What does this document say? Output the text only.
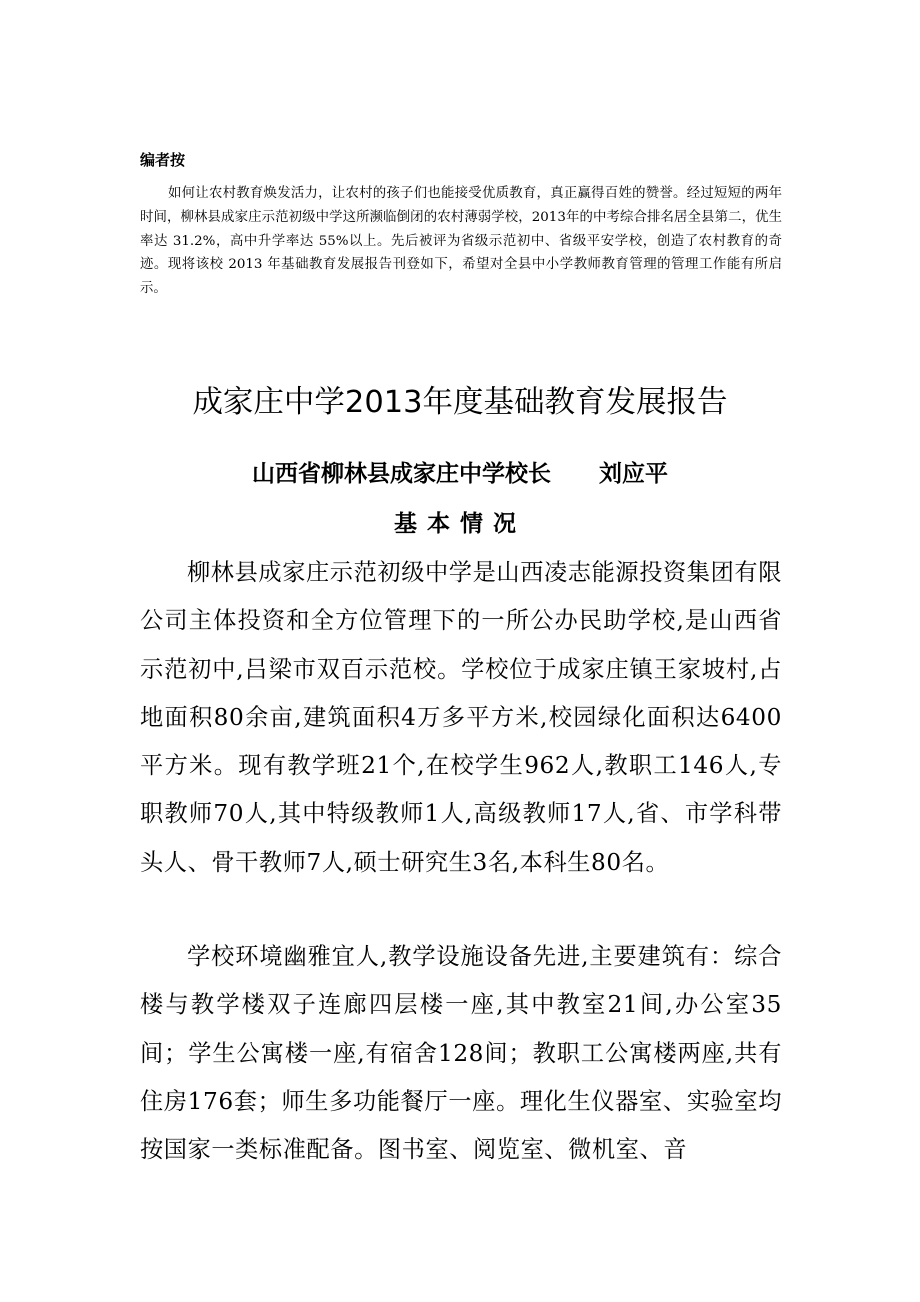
编者按

如何让农村教育焕发活力，让农村的孩子们也能接受优质教育，真正赢得百姓的赞誉。经过短短的两年时间，柳林县成家庄示范初级中学这所濒临倒闭的农村薄弱学校，2013年的中考综合排名居全县第二，优生率达 31.2%，高中升学率达 55%以上。先后被评为省级示范初中、省级平安学校，创造了农村教育的奇迹。现将该校 2013 年基础教育发展报告刊登如下，希望对全县中小学教师教育管理的管理工作能有所启示。

成家庄中学2013年度基础教育发展报告
山西省柳林县成家庄中学校长      刘应平
基本情况

柳林县成家庄示范初级中学是山西凌志能源投资集团有限公司主体投资和全方位管理下的一所公办民助学校,是山西省示范初中,吕梁市双百示范校。学校位于成家庄镇王家坡村,占地面积80余亩,建筑面积4万多平方米,校园绿化面积达6400平方米。现有教学班21个,在校学生962人,教职工146人,专职教师70人,其中特级教师1人,高级教师17人,省、市学科带头人、骨干教师7人,硕士研究生3名,本科生80名。

学校环境幽雅宜人,教学设施设备先进,主要建筑有：综合楼与教学楼双子连廊四层楼一座,其中教室21间,办公室35间；学生公寓楼一座,有宿舍128间；教职工公寓楼两座,共有住房176套；师生多功能餐厅一座。理化生仪器室、实验室均按国家一类标准配备。图书室、阅览室、微机室、音
